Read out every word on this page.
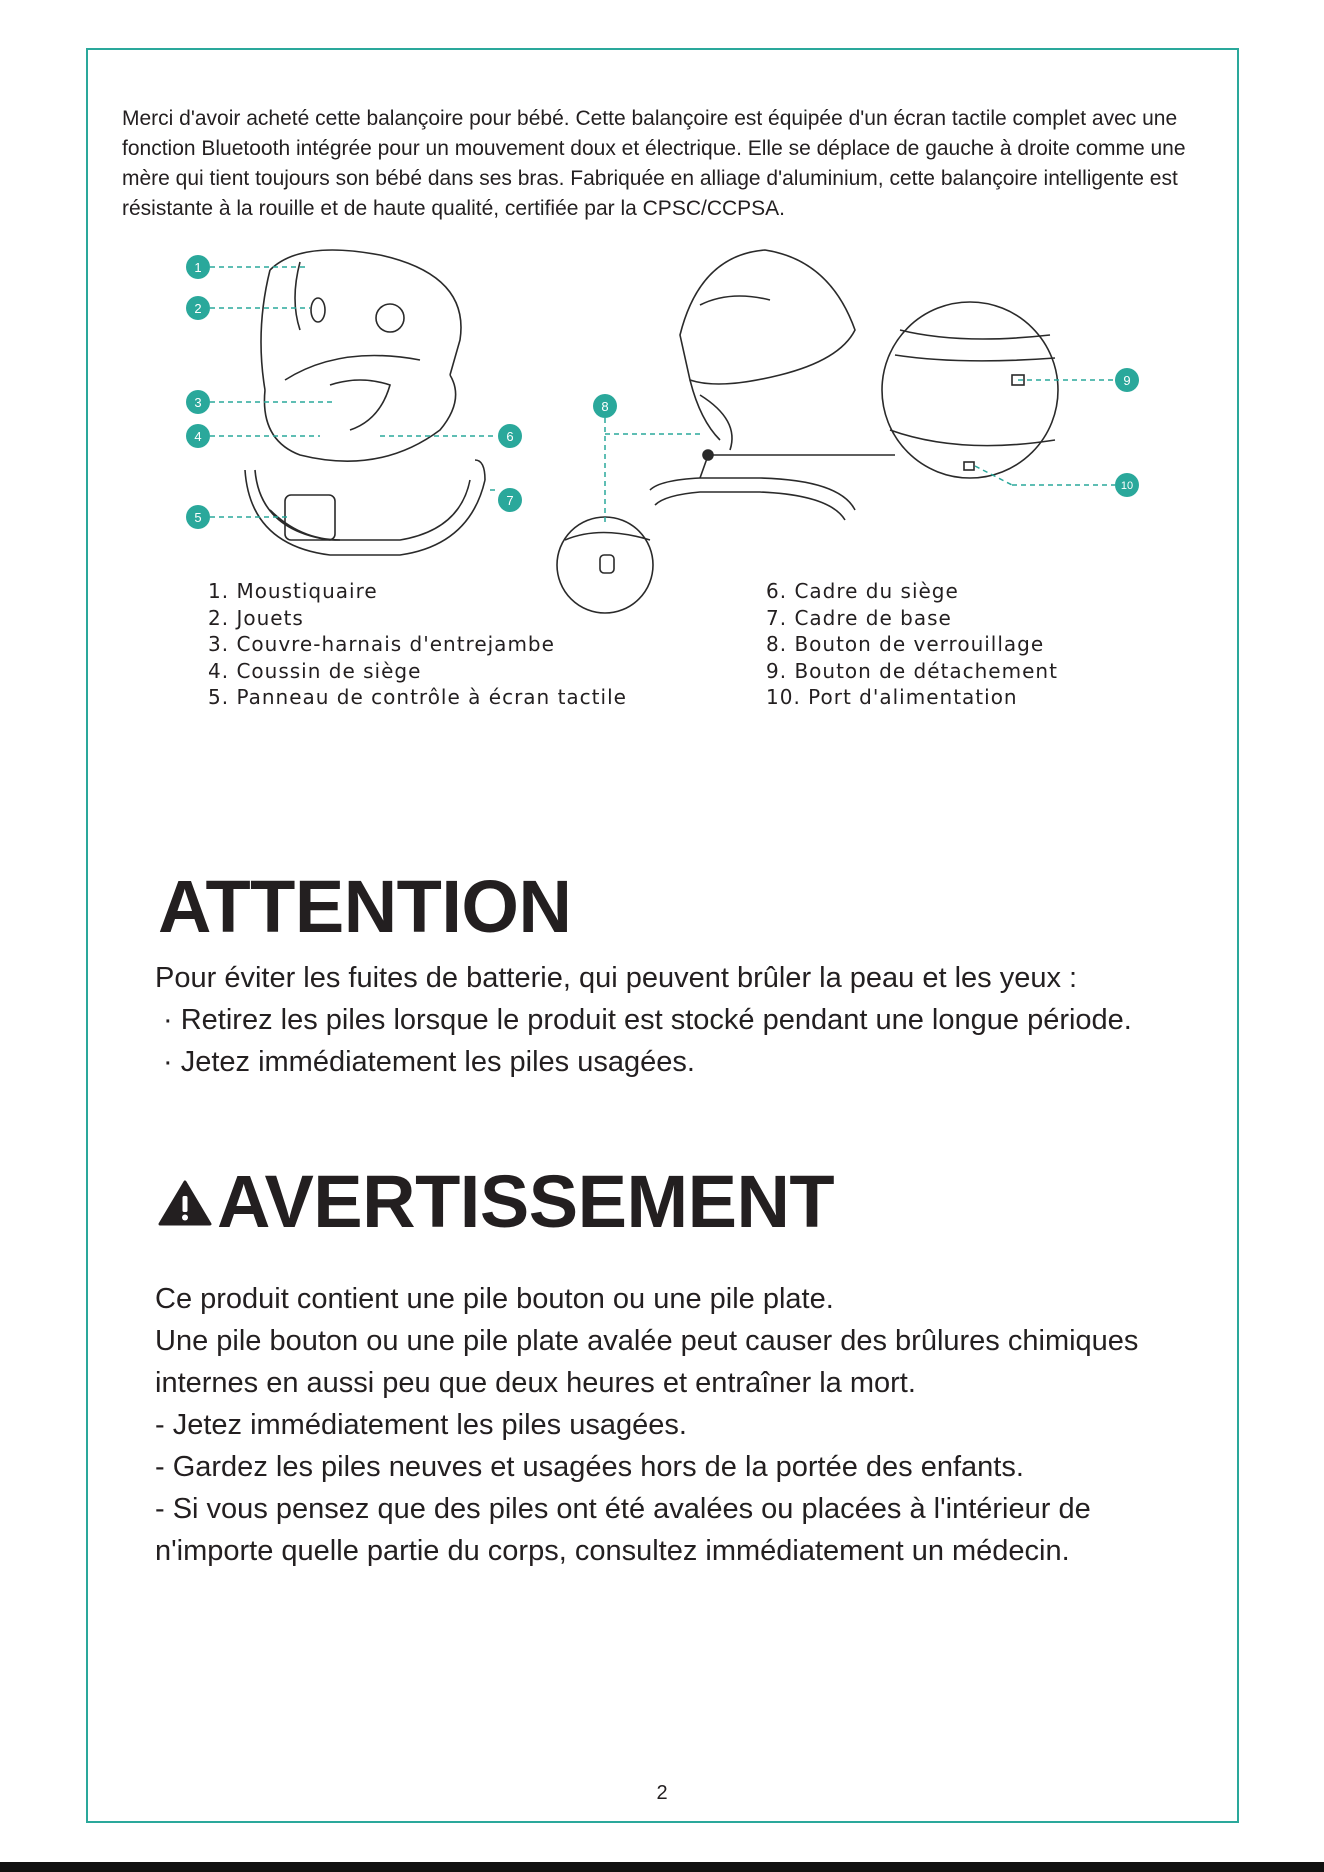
Merci d'avoir acheté cette balançoire pour bébé. Cette balançoire est équipée d'un écran tactile complet avec une fonction Bluetooth intégrée pour un mouvement doux et électrique. Elle se déplace de gauche à droite comme une mère qui tient toujours son bébé dans ses bras. Fabriquée en alliage d'aluminium, cette balançoire intelligente est résistante à la rouille et de haute qualité, certifiée par la CPSC/CCPSA.

1
2
3
4
5
6
7
8
9
10
1. Moustiquaire
2. Jouets
3. Couvre-harnais d'entrejambe
4. Coussin de siège
5. Panneau de contrôle à écran tactile
6. Cadre du siège
7. Cadre de base
8. Bouton de verrouillage
9. Bouton de détachement
10. Port d'alimentation
ATTENTION
Pour éviter les fuites de batterie, qui peuvent brûler la peau et les yeux :
· Retirez les piles lorsque le produit est stocké pendant une longue période.
· Jetez immédiatement les piles usagées.
AVERTISSEMENT
Ce produit contient une pile bouton ou une pile plate.
Une pile bouton ou une pile plate avalée peut causer des brûlures chimiques
internes en aussi peu que deux heures et entraîner la mort.
- Jetez immédiatement les piles usagées.
- Gardez les piles neuves et usagées hors de la portée des enfants.
- Si vous pensez que des piles ont été avalées ou placées à l'intérieur de
n'importe quelle partie du corps, consultez immédiatement un médecin.
2
